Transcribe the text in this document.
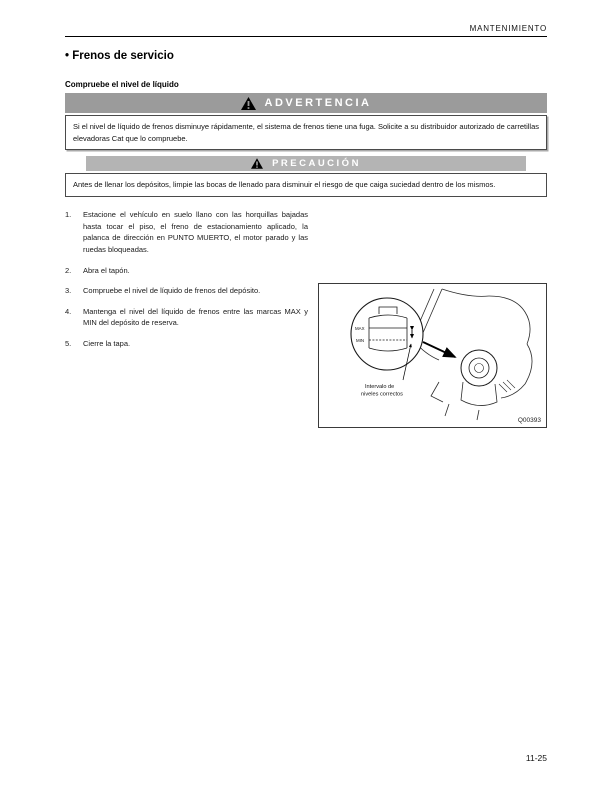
MANTENIMIENTO
• Frenos de servicio
Compruebe el nivel de líquido
ADVERTENCIA

Si el nivel de líquido de frenos disminuye rápidamente, el sistema de frenos tiene una fuga. Solicite a su distribuidor autorizado de carretillas elevadoras Cat que lo compruebe.

PRECAUCIÓN

Antes de llenar los depósitos, limpie las bocas de llenado para disminuir el riesgo de que caiga suciedad dentro de los mismos.

1.	Estacione el vehículo en suelo llano con las horquillas bajadas hasta tocar el piso, el freno de estacionamiento aplicado, la palanca de dirección en PUNTO MUERTO, el motor parado y las ruedas bloqueadas.
2.	Abra el tapón.
3.	Compruebe el nivel de líquido de frenos del depósito.
4.	Mantenga el nivel del líquido de frenos entre las marcas MAX y MIN del depósito de reserva.
5.	Cierre la tapa.
MAX
MIN
Intervalo de
niveles correctos
Q00393
11-25
